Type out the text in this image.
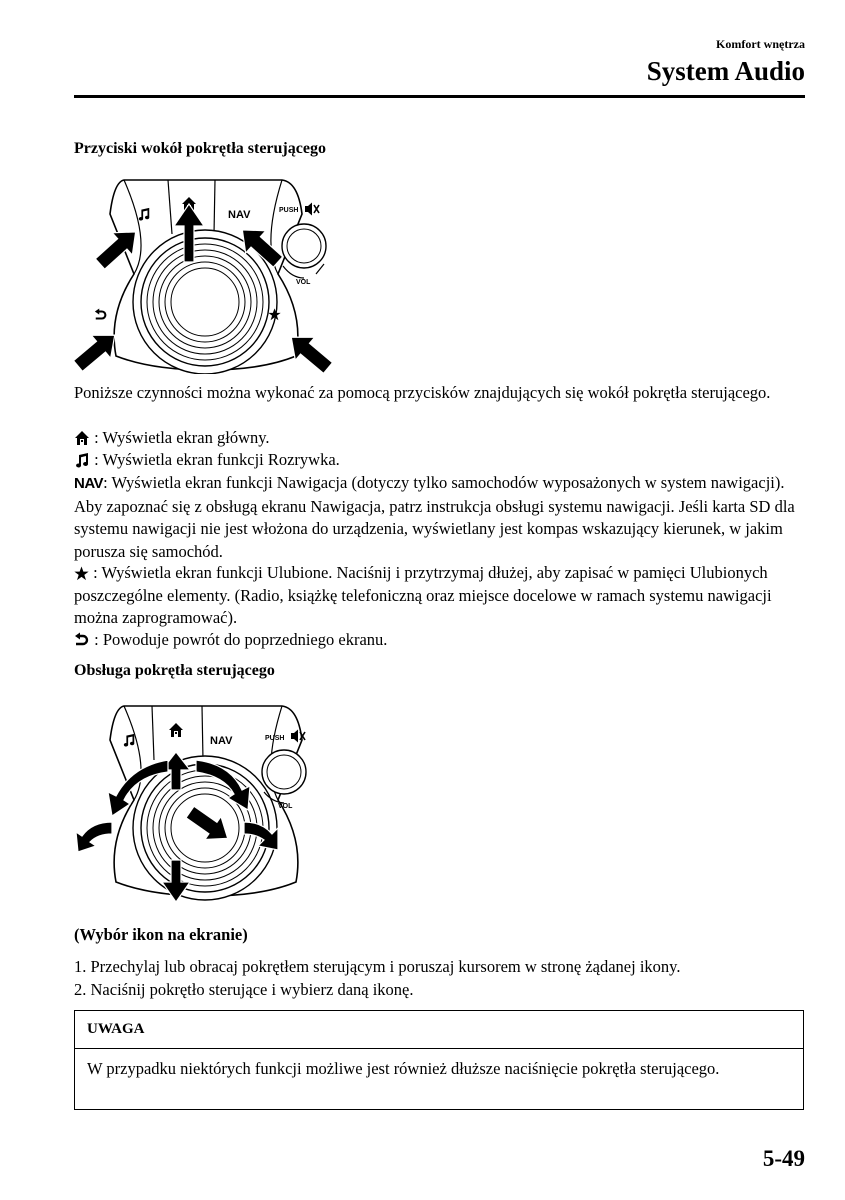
Komfort wnętrza
System Audio
Przyciski wokół pokrętła sterującego
NAV	PUSH
VOL
Poniższe czynności można wykonać za pomocą przycisków znajdujących się wokół pokrętła sterującego.
: Wyświetla ekran główny.
: Wyświetla ekran funkcji Rozrywka.
NAV: Wyświetla ekran funkcji Nawigacja (dotyczy tylko samochodów wyposażonych w system nawigacji). Aby zapoznać się z obsługą ekranu Nawigacja, patrz instrukcja obsługi systemu nawigacji. Jeśli karta SD dla systemu nawigacji nie jest włożona do urządzenia, wyświetlany jest kompas wskazujący kierunek, w jakim porusza się samochód.
: Wyświetla ekran funkcji Ulubione. Naciśnij i przytrzymaj dłużej, aby zapisać w pamięci Ulubionych poszczególne elementy. (Radio, książkę telefoniczną oraz miejsce docelowe w ramach systemu nawigacji można zaprogramować).
: Powoduje powrót do poprzedniego ekranu.
Obsługa pokrętła sterującego
NAV	PUSH
VOL
(Wybór ikon na ekranie)
1. Przechylaj lub obracaj pokrętłem sterującym i poruszaj kursorem w stronę żądanej ikony.
2. Naciśnij pokrętło sterujące i wybierz daną ikonę.
UWAGA
W przypadku niektórych funkcji możliwe jest również dłuższe naciśnięcie pokrętła sterującego.
5-49
